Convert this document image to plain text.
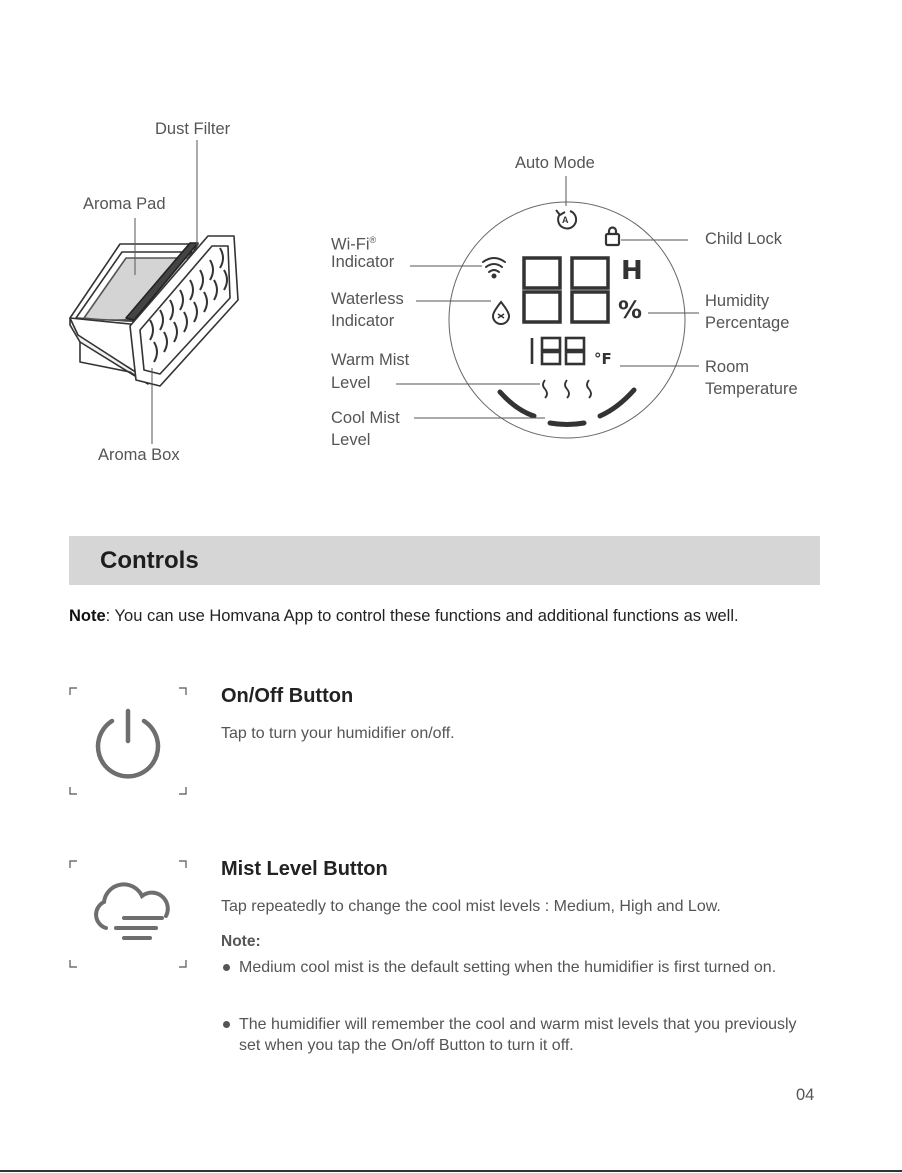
Dust Filter
Aroma Pad
Aroma Box
Auto Mode
Wi-Fi®
Indicator
Waterless
Indicator
Warm Mist
Level
Cool Mist
Level
Child Lock
Humidity
Percentage
Room
Temperature
H
%
°F
A
Controls
Note: You can use Homvana App to control these functions and additional functions as well.
On/Off Button
Tap to turn your humidifier on/off.
Mist Level Button
Tap repeatedly to change the cool mist levels : Medium, High and Low.
Note:
Medium cool mist is the default setting when the humidifier is first turned on.
The humidifier will remember the cool and warm mist levels that you previously set when you tap the On/off Button to turn it off.
04
